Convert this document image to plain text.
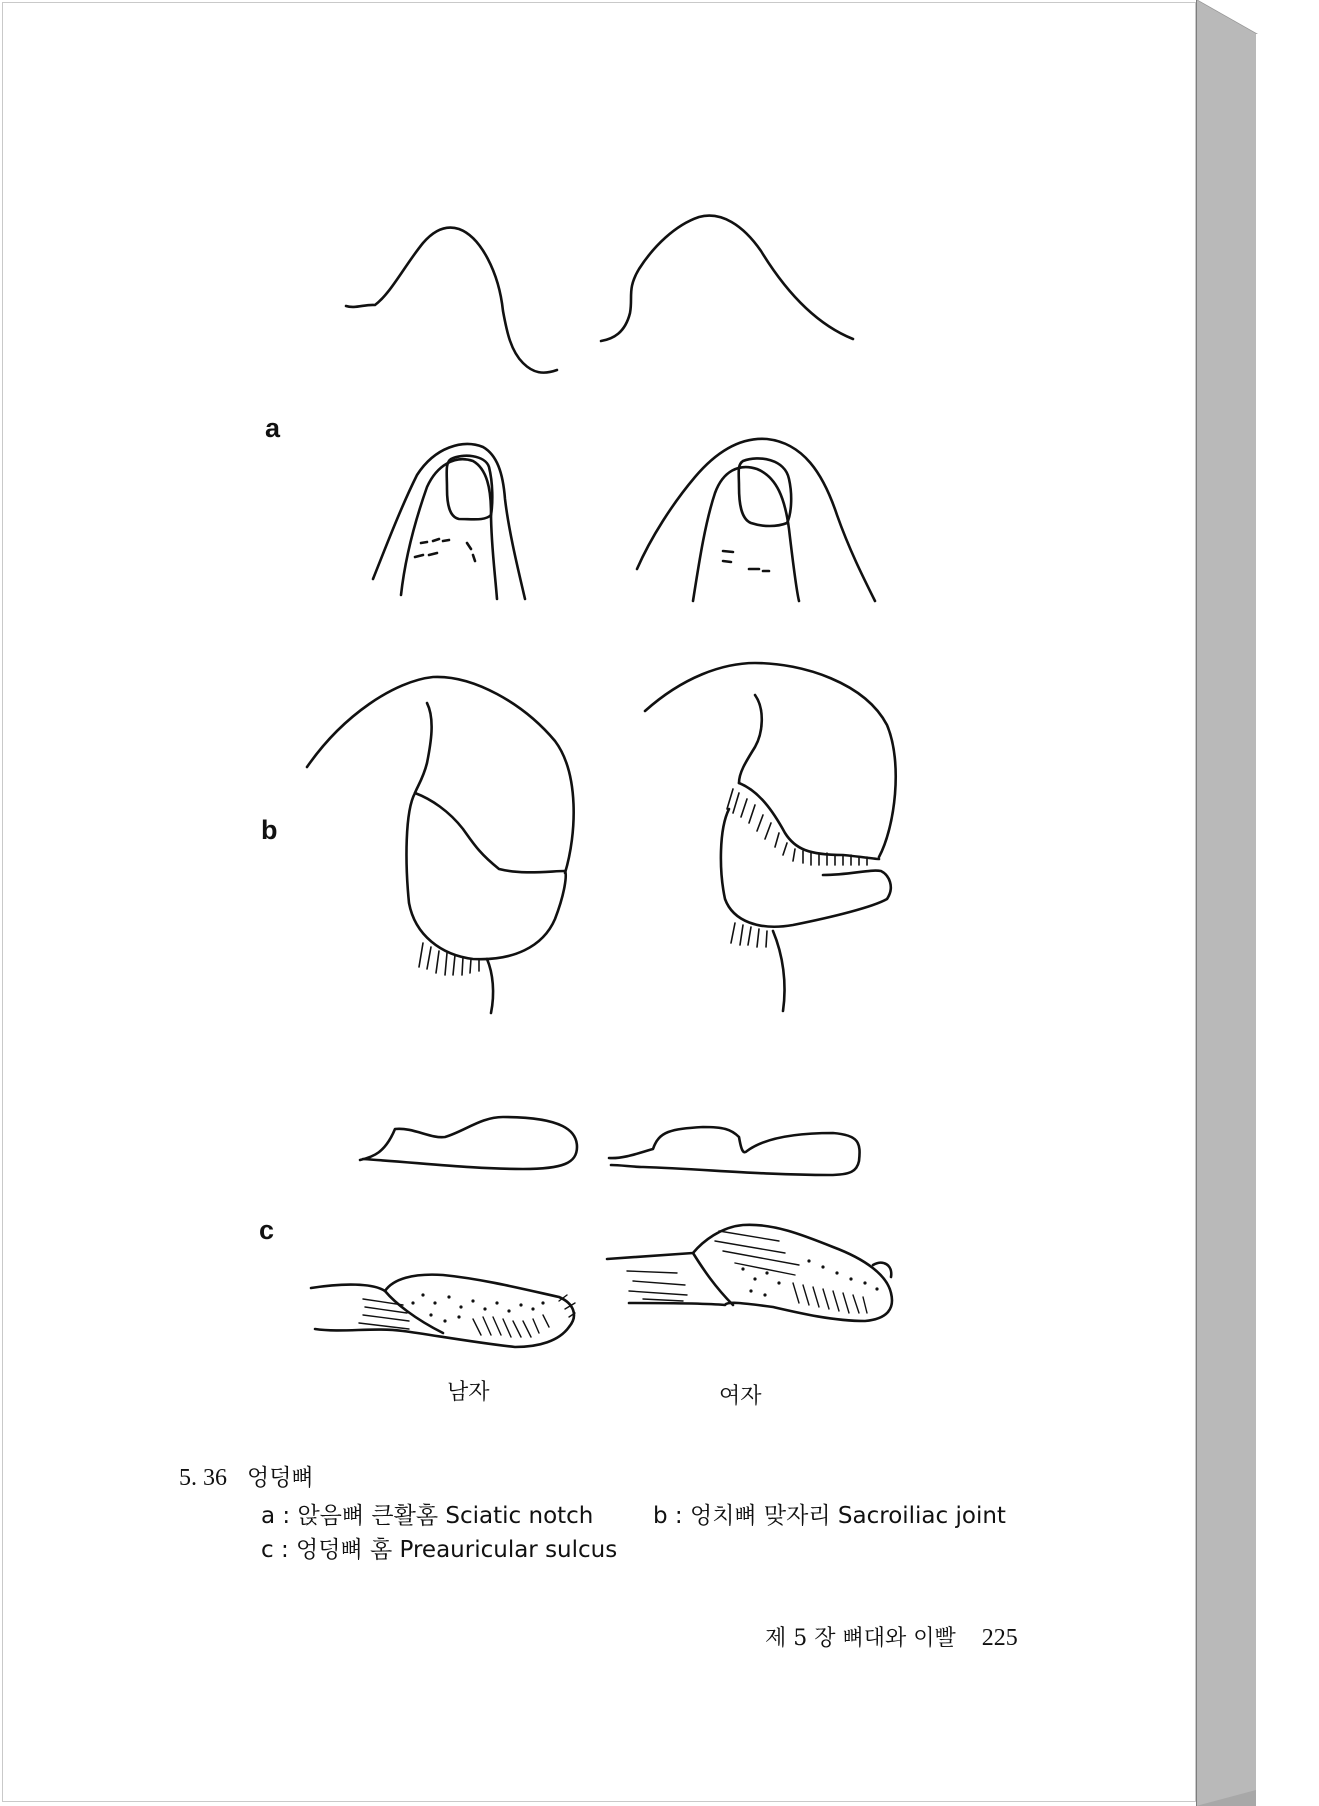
a
b
c
남자	여자
5. 36 엉덩뼈
a : 앉음뼈 큰활홈 Sciatic notch	b : 엉치뼈 맞자리 Sacroiliac joint
c : 엉덩뼈 홈 Preauricular sulcus
제 5 장 뼈대와 이빨 225
